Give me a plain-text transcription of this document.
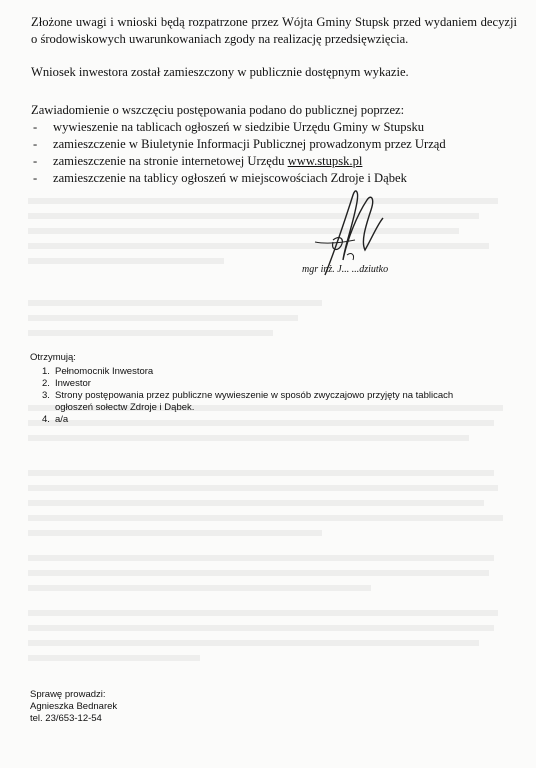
Złożone uwagi i wnioski będą rozpatrzone przez Wójta Gminy Stupsk przed wydaniem decyzji o środowiskowych uwarunkowaniach zgody na realizację przedsięwzięcia.

Wniosek inwestora został zamieszczony w publicznie dostępnym wykazie.

Zawiadomienie o wszczęciu postępowania podano do publicznej poprzez:
- wywieszenie na tablicach ogłoszeń w siedzibie Urzędu Gminy w Stupsku
- zamieszczenie w Biuletynie Informacji Publicznej prowadzonym przez Urząd
- zamieszczenie na stronie internetowej Urzędu www.stupsk.pl
- zamieszczenie na tablicy ogłoszeń w miejscowościach Zdroje i Dąbek
mgr inż. J... ...dziutko
Otrzymują:
1. Pełnomocnik Inwestora
2. Inwestor
3. Strony postępowania przez publiczne wywieszenie w sposób zwyczajowo przyjęty na tablicach ogłoszeń sołectw Zdroje i Dąbek.
4. a/a
Sprawę prowadzi:
Agnieszka Bednarek
tel. 23/653-12-54
